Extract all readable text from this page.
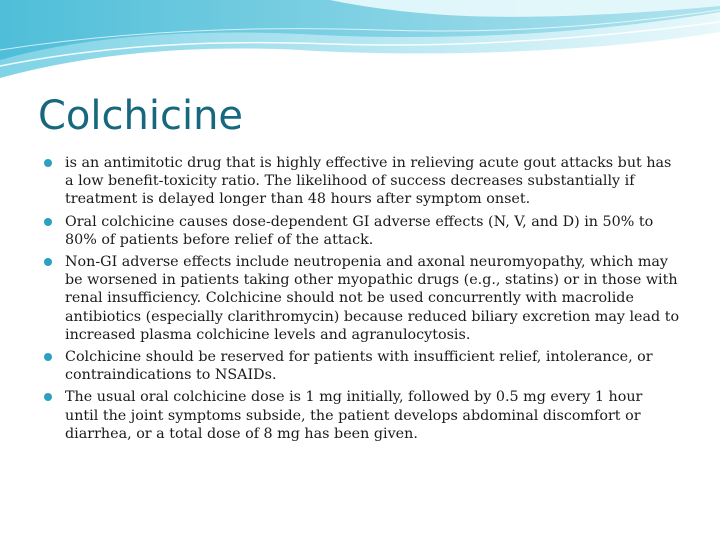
Colchicine
is an antimitotic drug that is highly effective in relieving acute gout attacks but has a low benefit-toxicity ratio. The likelihood of success decreases substantially if treatment is delayed longer than 48 hours after symptom onset.
Oral colchicine causes dose-dependent GI adverse effects (N, V, and D) in 50% to 80% of patients before relief of the attack.
Non-GI adverse effects include neutropenia and axonal neuromyopathy, which may be worsened in patients taking other myopathic drugs (e.g., statins) or in those with renal insufficiency. Colchicine should not be used concurrently with macrolide antibiotics (especially clarithromycin) because reduced biliary excretion may lead to increased plasma colchicine levels and agranulocytosis.
Colchicine should be reserved for patients with insufficient relief, intolerance, or contraindications to NSAIDs.
The usual oral colchicine dose is 1 mg initially, followed by 0.5 mg every 1 hour until the joint symptoms subside, the patient develops abdominal discomfort or diarrhea, or a total dose of 8 mg has been given.
